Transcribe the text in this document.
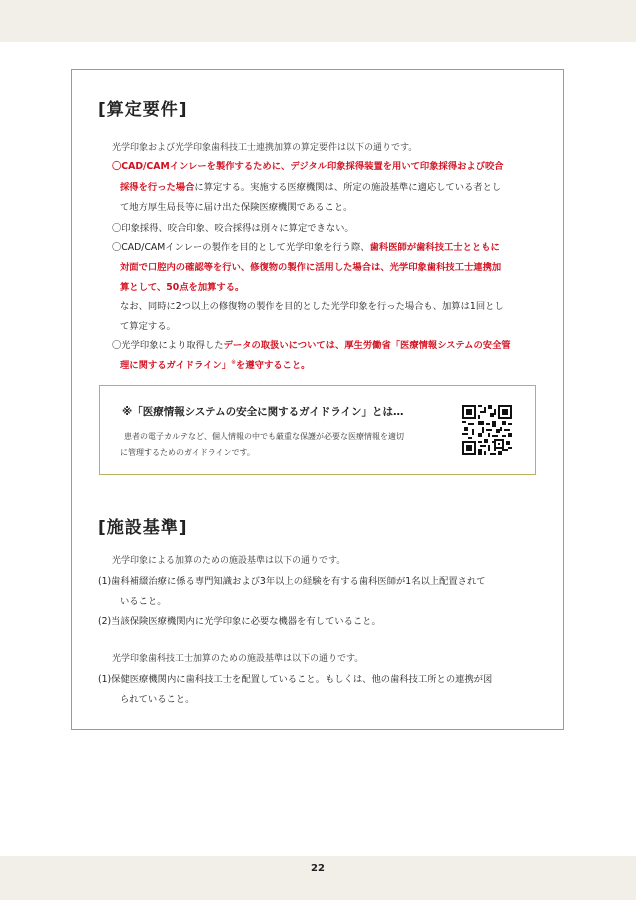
[算定要件]
光学印象および光学印象歯科技工士連携加算の算定要件は以下の通りです。
〇CAD/CAMインレーを製作するために、デジタル印象採得装置を用いて印象採得および咬合
採得を行った場合に算定する。実施する医療機関は、所定の施設基準に適応している者とし
て地方厚生局長等に届け出た保険医療機関であること。
〇印象採得、咬合印象、咬合採得は別々に算定できない。
〇CAD/CAMインレーの製作を目的として光学印象を行う際、歯科医師が歯科技工士とともに
対面で口腔内の確認等を行い、修復物の製作に活用した場合は、光学印象歯科技工士連携加
算として、50点を加算する。
なお、同時に2つ以上の修復物の製作を目的とした光学印象を行った場合も、加算は1回とし
て算定する。
〇光学印象により取得したデータの取扱いについては、厚生労働省「医療情報システムの安全管
理に関するガイドライン」※を遵守すること。
※「医療情報システムの安全に関するガイドライン」とは…
患者の電子カルテなど、個人情報の中でも厳重な保護が必要な医療情報を適切
に管理するためのガイドラインです。
[施設基準]
光学印象による加算のための施設基準は以下の通りです。
(1)歯科補綴治療に係る専門知識および3年以上の経験を有する歯科医師が1名以上配置されて
いること。
(2)当該保険医療機関内に光学印象に必要な機器を有していること。
光学印象歯科技工士加算のための施設基準は以下の通りです。
(1)保健医療機関内に歯科技工士を配置していること。もしくは、他の歯科技工所との連携が図
られていること。
22
